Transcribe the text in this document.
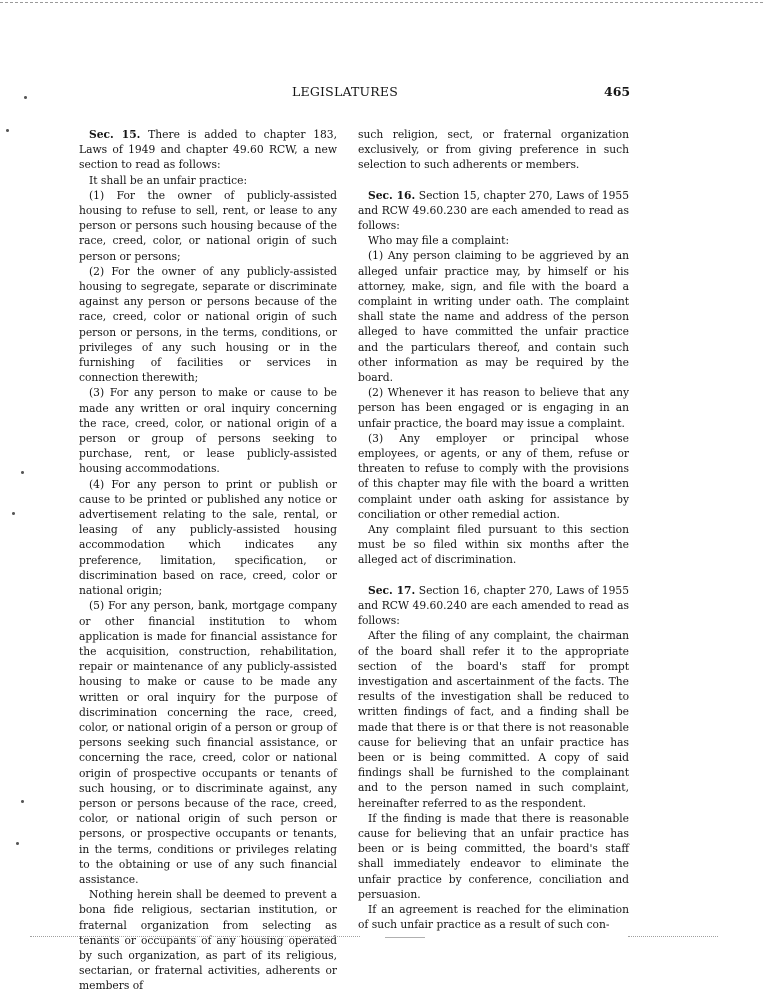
LEGISLATURES	465

Sec. 15. There is added to chapter 183, Laws of 1949 and chapter 49.60 RCW, a new section to read as follows:

It shall be an unfair practice:

(1) For the owner of publicly-assisted housing to refuse to sell, rent, or lease to any person or persons such housing because of the race, creed, color, or national origin of such person or persons;

(2) For the owner of any publicly-assisted housing to segregate, separate or discriminate against any person or persons because of the race, creed, color or national origin of such person or persons, in the terms, conditions, or privileges of any such housing or in the furnishing of facilities or services in connection therewith;

(3) For any person to make or cause to be made any written or oral inquiry concerning the race, creed, color, or national origin of a person or group of persons seeking to purchase, rent, or lease publicly-assisted housing accommodations.

(4) For any person to print or publish or cause to be printed or published any notice or advertisement relating to the sale, rental, or leasing of any publicly-assisted housing accommodation which indicates any preference, limitation, specification, or discrimination based on race, creed, color or national origin;

(5) For any person, bank, mortgage company or other financial institution to whom application is made for financial assistance for the acquisition, construction, rehabilitation, repair or maintenance of any publicly-assisted housing to make or cause to be made any written or oral inquiry for the purpose of discrimination concerning the race, creed, color, or national origin of a person or group of persons seeking such financial assistance, or concerning the race, creed, color or national origin of prospective occupants or tenants of such housing, or to discriminate against, any person or persons because of the race, creed, color, or national origin of such person or persons, or prospective occupants or tenants, in the terms, conditions or privileges relating to the obtaining or use of any such financial assistance.

Nothing herein shall be deemed to prevent a bona fide religious, sectarian institution, or fraternal organization from selecting as tenants or occupants of any housing operated by such organization, as part of its religious, sectarian, or fraternal activities, adherents or members of

such religion, sect, or fraternal organization exclusively, or from giving preference in such selection to such adherents or members.

Sec. 16. Section 15, chapter 270, Laws of 1955 and RCW 49.60.230 are each amended to read as follows:

Who may file a complaint:

(1) Any person claiming to be aggrieved by an alleged unfair practice may, by himself or his attorney, make, sign, and file with the board a complaint in writing under oath. The complaint shall state the name and address of the person alleged to have committed the unfair practice and the particulars thereof, and contain such other information as may be required by the board.

(2) Whenever it has reason to believe that any person has been engaged or is engaging in an unfair practice, the board may issue a complaint.

(3) Any employer or principal whose employees, or agents, or any of them, refuse or threaten to refuse to comply with the provisions of this chapter may file with the board a written complaint under oath asking for assistance by conciliation or other remedial action.

Any complaint filed pursuant to this section must be so filed within six months after the alleged act of discrimination.

Sec. 17. Section 16, chapter 270, Laws of 1955 and RCW 49.60.240 are each amended to read as follows:

After the filing of any complaint, the chairman of the board shall refer it to the appropriate section of the board's staff for prompt investigation and ascertainment of the facts. The results of the investigation shall be reduced to written findings of fact, and a finding shall be made that there is or that there is not reasonable cause for believing that an unfair practice has been or is being committed. A copy of said findings shall be furnished to the complainant and to the person named in such complaint, hereinafter referred to as the respondent.

If the finding is made that there is reasonable cause for believing that an unfair practice has been or is being committed, the board's staff shall immediately endeavor to eliminate the unfair practice by conference, conciliation and persuasion.

If an agreement is reached for the elimination of such unfair practice as a result of such con-
